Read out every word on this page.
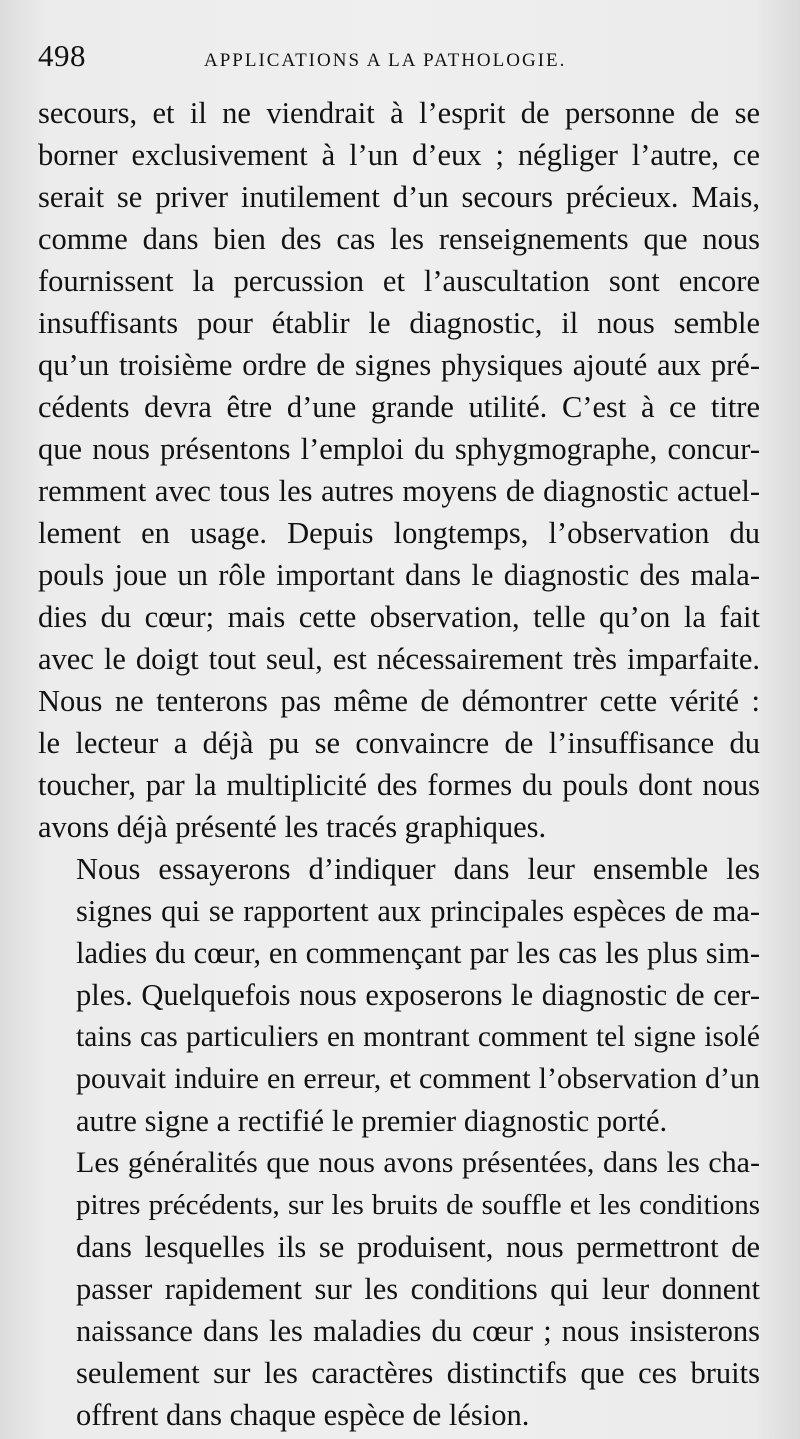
498	APPLICATIONS A LA PATHOLOGIE.

secours, et il ne viendrait à l’esprit de personne de se
borner exclusivement à l’un d’eux ; négliger l’autre, ce
serait se priver inutilement d’un secours précieux. Mais,
comme dans bien des cas les renseignements que nous
fournissent la percussion et l’auscultation sont encore
insuffisants pour établir le diagnostic, il nous semble
qu’un troisième ordre de signes physiques ajouté aux pré-
cédents devra être d’une grande utilité. C’est à ce titre
que nous présentons l’emploi du sphygmographe, concur-
remment avec tous les autres moyens de diagnostic actuel-
lement en usage. Depuis longtemps, l’observation du
pouls joue un rôle important dans le diagnostic des mala-
dies du cœur; mais cette observation, telle qu’on la fait
avec le doigt tout seul, est nécessairement très imparfaite.
Nous ne tenterons pas même de démontrer cette vérité :
le lecteur a déjà pu se convaincre de l’insuffisance du
toucher, par la multiplicité des formes du pouls dont nous
avons déjà présenté les tracés graphiques.

Nous essayerons d’indiquer dans leur ensemble les
signes qui se rapportent aux principales espèces de ma-
ladies du cœur, en commençant par les cas les plus sim-
ples. Quelquefois nous exposerons le diagnostic de cer-
tains cas particuliers en montrant comment tel signe isolé
pouvait induire en erreur, et comment l’observation d’un
autre signe a rectifié le premier diagnostic porté.

Les généralités que nous avons présentées, dans les cha-
pitres précédents, sur les bruits de souffle et les conditions
dans lesquelles ils se produisent, nous permettront de
passer rapidement sur les conditions qui leur donnent
naissance dans les maladies du cœur ; nous insisterons
seulement sur les caractères distinctifs que ces bruits
offrent dans chaque espèce de lésion.
